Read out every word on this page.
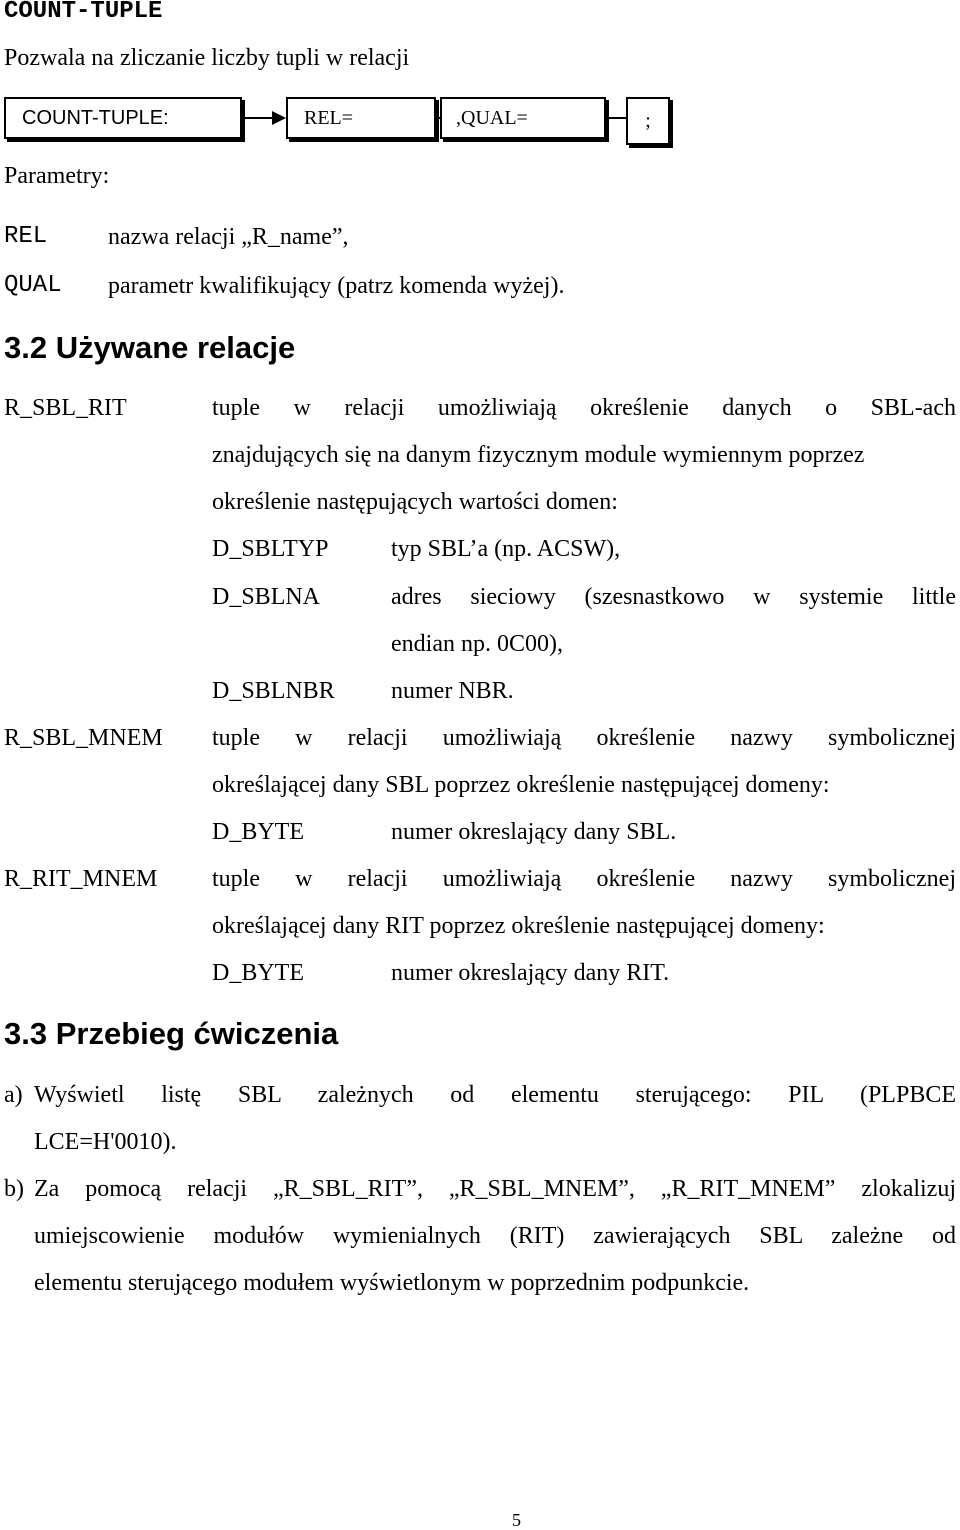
COUNT-TUPLE
Pozwala na zliczanie liczby tupli w relacji
COUNT-TUPLE:	REL=	,QUAL=	;
Parametry:
REL	nazwa relacji „R_name”,
QUAL parametr kwalifikujący (patrz komenda wyżej).
3.2 Używane relacje
R_SBL_RIT	tuple w relacji umożliwiają określenie danych o SBL-ach
znajdujących się na danym fizycznym module wymiennym poprzez
określenie następujących wartości domen:
D_SBLTYP	typ SBL’a (np. ACSW),
D_SBLNA	adres sieciowy (szesnastkowo w systemie little
endian np. 0C00),
D_SBLNBR numer NBR.
R_SBL_MNEM tuple w relacji umożliwiają określenie nazwy symbolicznej
określającej dany SBL poprzez określenie następującej domeny:
D_BYTE	numer okreslający dany SBL.
R_RIT_MNEM tuple w relacji umożliwiają określenie nazwy symbolicznej
określającej dany RIT poprzez określenie następującej domeny:
D_BYTE	numer okreslający dany RIT.
3.3 Przebieg ćwiczenia
a) Wyświetl listę SBL zależnych od elementu sterującego: PIL (PLPBCE
LCE=H'0010).
b) Za pomocą relacji „R_SBL_RIT”, „R_SBL_MNEM”, „R_RIT_MNEM” zlokalizuj
umiejscowienie modułów wymienialnych (RIT) zawierających SBL zależne od
elementu sterującego modułem wyświetlonym w poprzednim podpunkcie.
5
